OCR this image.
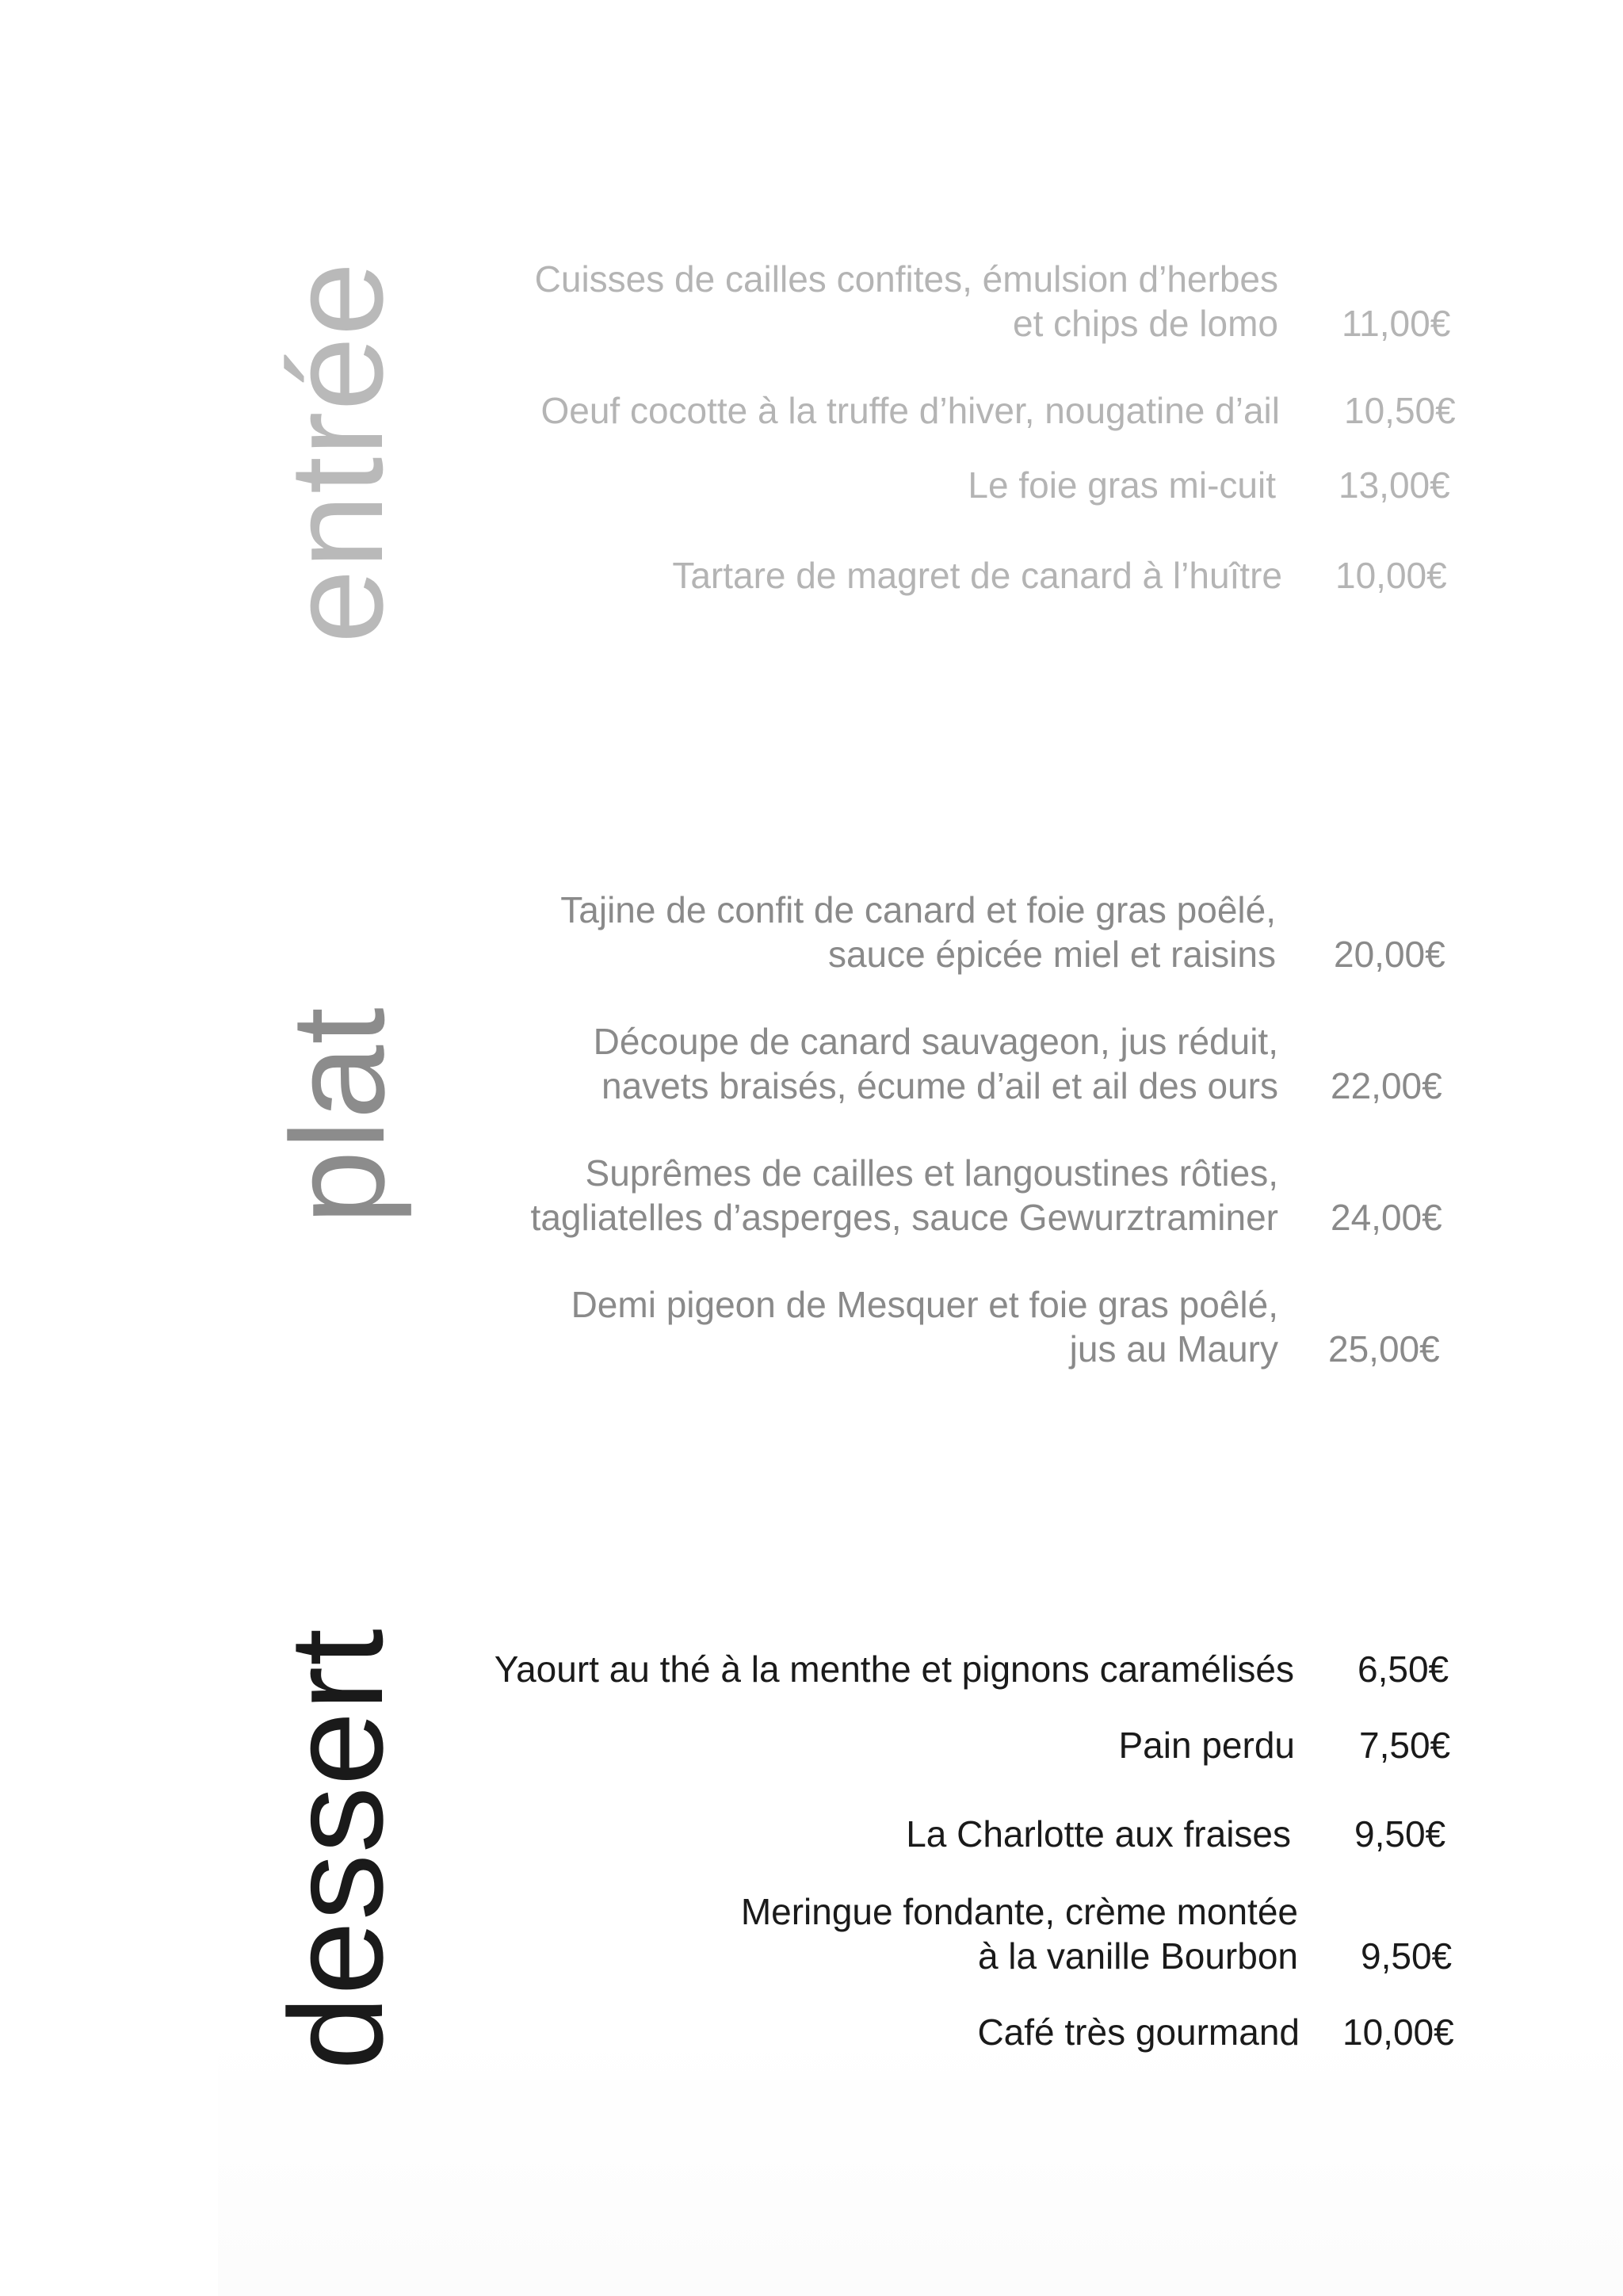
entrée	Cuisses de cailles confites, émulsion d’herbes
et chips de lomo 11,00€
Oeuf cocotte à la truffe d’hiver, nougatine d’ail 10,50€
Le foie gras mi-cuit 13,00€
Tartare de magret de canard à l’huître 10,00€
plat
Tajine de confit de canard et foie gras poêlé,
sauce épicée miel et raisins 20,00€
Découpe de canard sauvageon, jus réduit,
navets braisés, écume d’ail et ail des ours 22,00€
Suprêmes de cailles et langoustines rôties,
tagliatelles d’asperges, sauce Gewurztraminer 24,00€
Demi pigeon de Mesquer et foie gras poêlé,
jus au Maury 25,00€
dessert	Yaourt au thé à la menthe et pignons caramélisés 6,50€
Pain perdu 7,50€
La Charlotte aux fraises 9,50€
Meringue fondante, crème montée
à la vanille Bourbon 9,50€
Café très gourmand 10,00€
